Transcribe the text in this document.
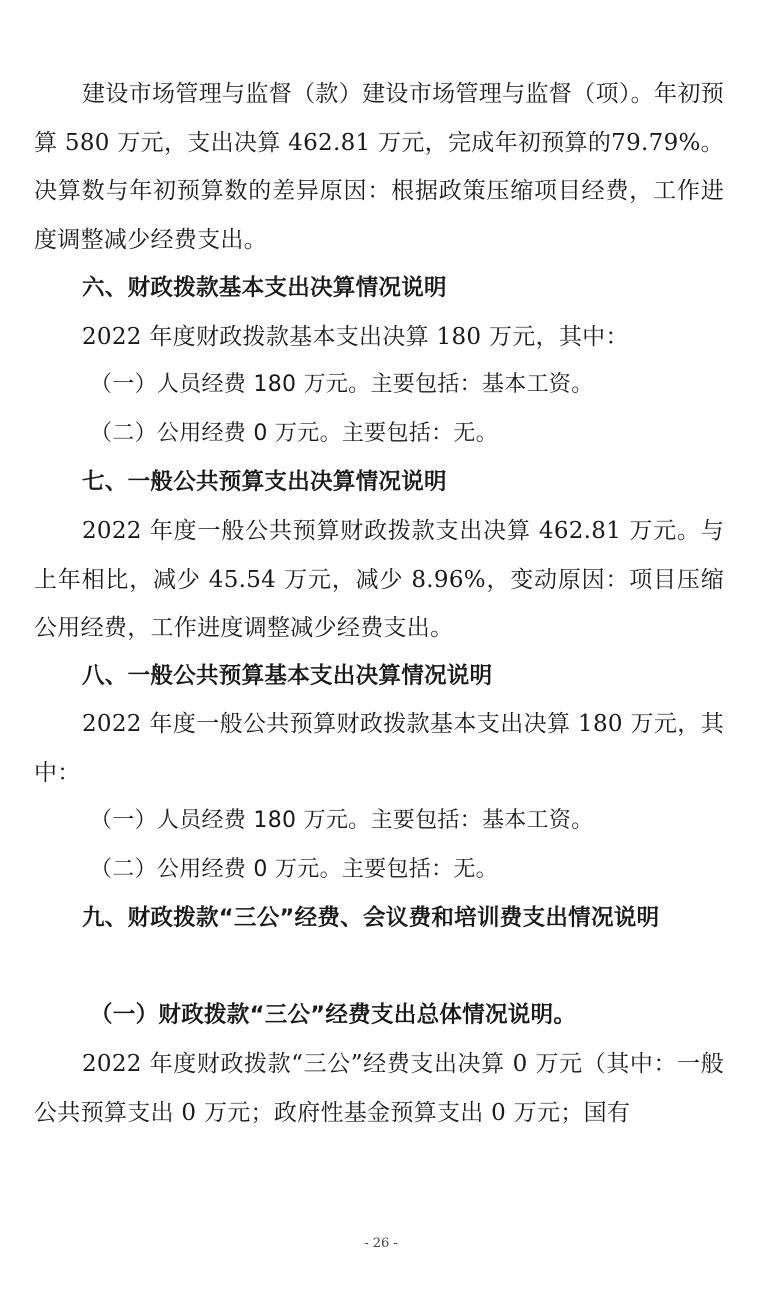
建设市场管理与监督（款）建设市场管理与监督（项）。年初预算 580 万元，支出决算 462.81 万元，完成年初预算的79.79%。决算数与年初预算数的差异原因：根据政策压缩项目经费，工作进度调整减少经费支出。

六、财政拨款基本支出决算情况说明

2022 年度财政拨款基本支出决算 180 万元，其中：

（一）人员经费 180 万元。主要包括：基本工资。

（二）公用经费 0 万元。主要包括：无。

七、一般公共预算支出决算情况说明

2022 年度一般公共预算财政拨款支出决算 462.81 万元。与上年相比，减少 45.54 万元，减少 8.96%，变动原因：项目压缩公用经费，工作进度调整减少经费支出。

八、一般公共预算基本支出决算情况说明

2022 年度一般公共预算财政拨款基本支出决算 180 万元，其中：

（一）人员经费 180 万元。主要包括：基本工资。

（二）公用经费 0 万元。主要包括：无。

九、财政拨款“三公”经费、会议费和培训费支出情况说明

（一）财政拨款“三公”经费支出总体情况说明。

2022 年度财政拨款“三公”经费支出决算 0 万元（其中：一般公共预算支出 0 万元；政府性基金预算支出 0 万元；国有

- 26 -
